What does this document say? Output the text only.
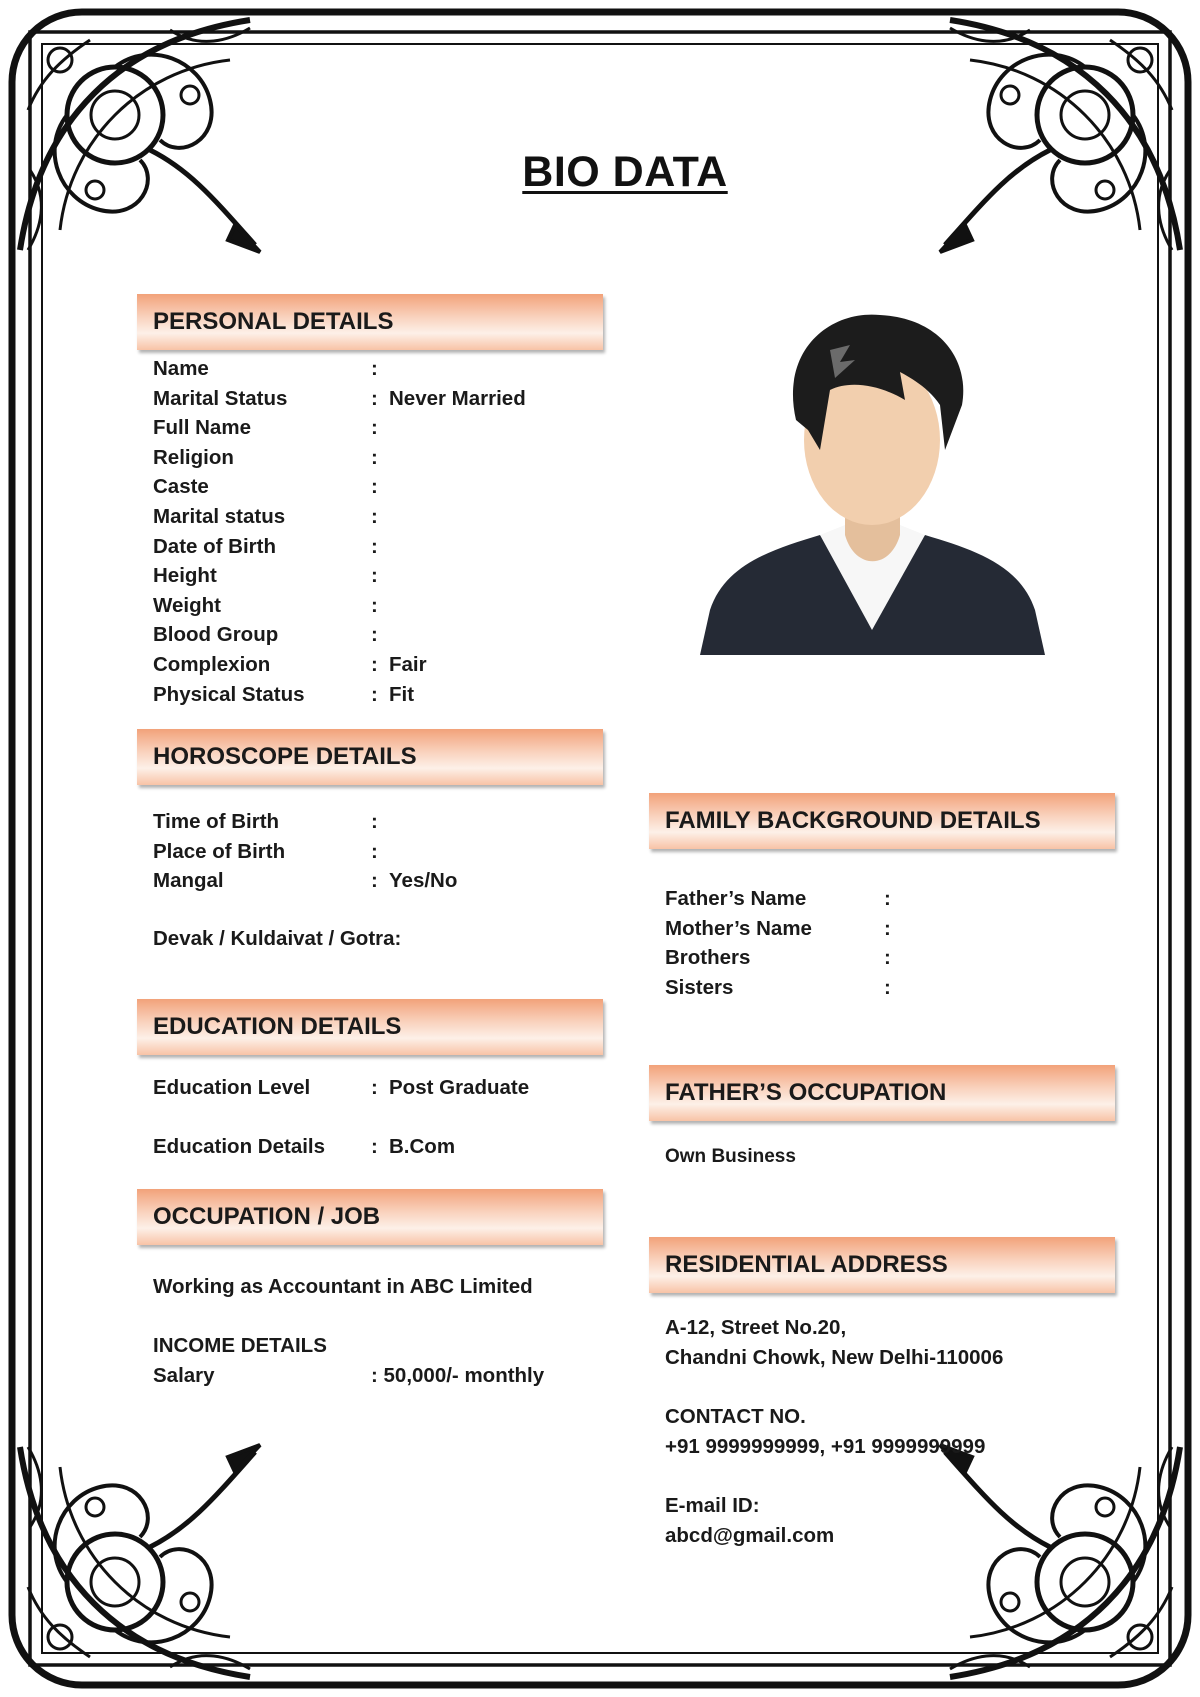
BIO DATA
PERSONAL DETAILS
Name	:
Marital Status	: Never Married
Full Name	:
Religion	:
Caste	:
Marital status	:
Date of Birth	:
Height	:
Weight	:
Blood Group	:
Complexion	: Fair
Physical Status	: Fit
HOROSCOPE DETAILS
Time of Birth	:
Place of Birth	:
Mangal	: Yes/No
Devak / Kuldaivat / Gotra:
EDUCATION DETAILS
Education Level	: Post Graduate
Education Details	: B.Com
OCCUPATION / JOB
Working as Accountant in ABC Limited
INCOME DETAILS
Salary	: 50,000/- monthly
FAMILY BACKGROUND DETAILS
Father’s Name	:
Mother’s Name	:
Brothers	:
Sisters	:
FATHER’S OCCUPATION
Own Business
RESIDENTIAL ADDRESS
A-12, Street No.20,
Chandni Chowk, New Delhi-110006
CONTACT NO.
+91 9999999999, +91 9999999999
E-mail ID:
abcd@gmail.com
